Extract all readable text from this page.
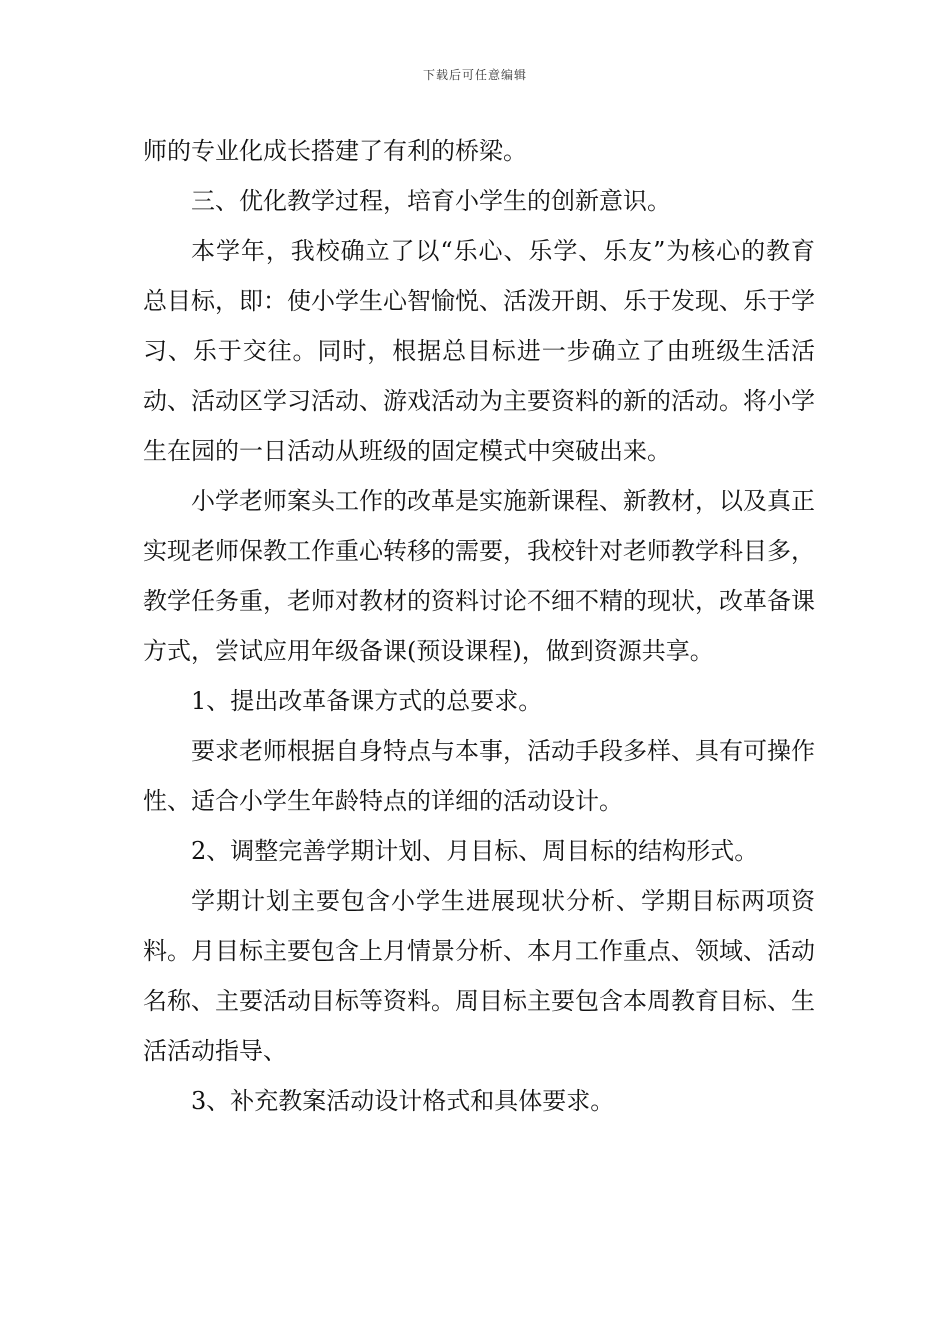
下载后可任意编辑

师的专业化成长搭建了有利的桥梁。

三、优化教学过程，培育小学生的创新意识。

本学年，我校确立了以“乐心、乐学、乐友”为核心的教育总目标，即：使小学生心智愉悦、活泼开朗、乐于发现、乐于学习、乐于交往。同时，根据总目标进一步确立了由班级生活活动、活动区学习活动、游戏活动为主要资料的新的活动。将小学生在园的一日活动从班级的固定模式中突破出来。

小学老师案头工作的改革是实施新课程、新教材，以及真正实现老师保教工作重心转移的需要，我校针对老师教学科目多，教学任务重，老师对教材的资料讨论不细不精的现状，改革备课方式，尝试应用年级备课(预设课程)，做到资源共享。

1、提出改革备课方式的总要求。

要求老师根据自身特点与本事，活动手段多样、具有可操作性、适合小学生年龄特点的详细的活动设计。

2、调整完善学期计划、月目标、周目标的结构形式。

学期计划主要包含小学生进展现状分析、学期目标两项资料。月目标主要包含上月情景分析、本月工作重点、领域、活动名称、主要活动目标等资料。周目标主要包含本周教育目标、生活活动指导、

3、补充教案活动设计格式和具体要求。
